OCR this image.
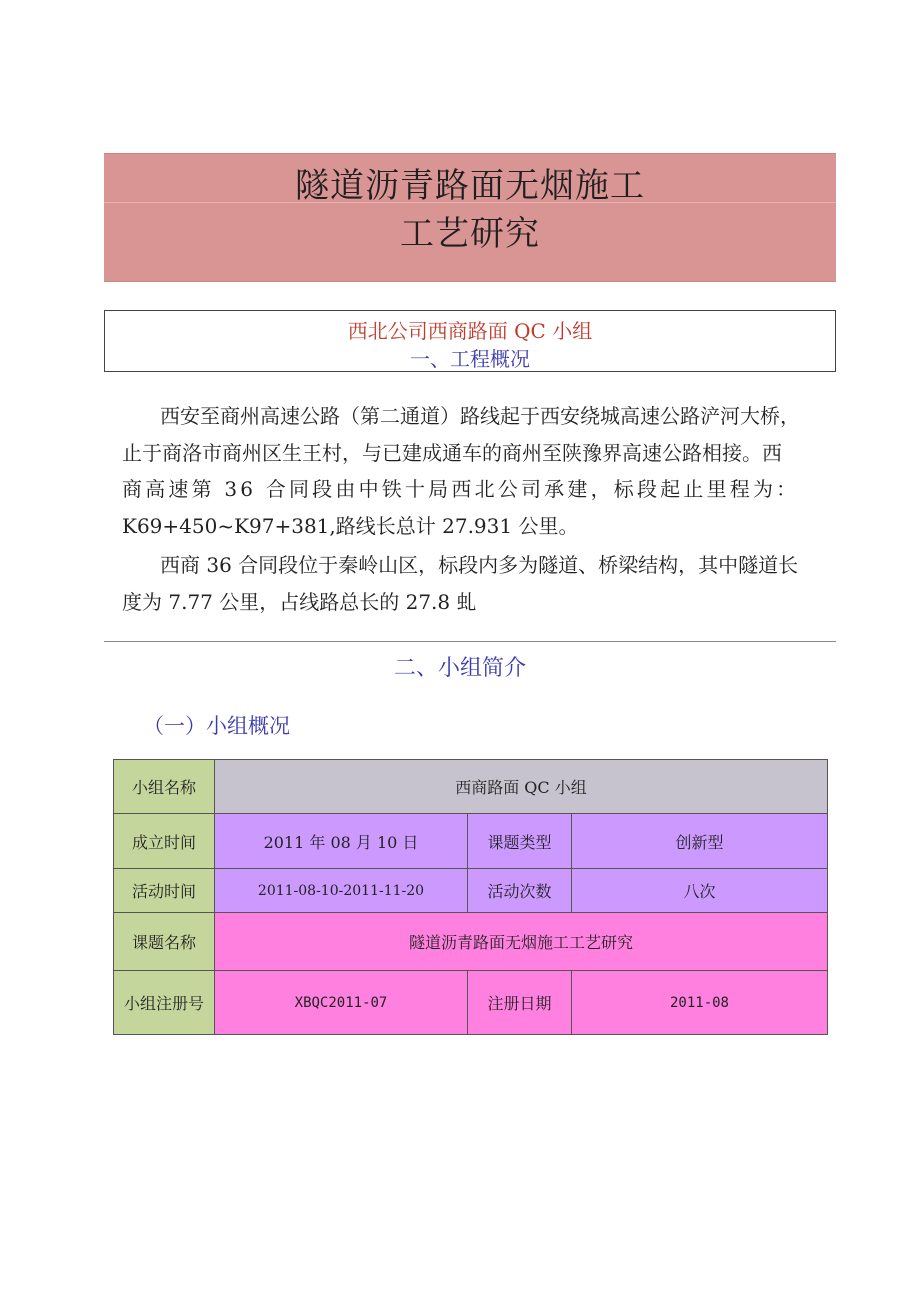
隧道沥青路面无烟施工
工艺研究
西北公司西商路面 QC 小组
一、工程概况
西安至商州高速公路（第二通道）路线起于西安绕城高速公路浐河大桥，
止于商洛市商州区生王村，与已建成通车的商州至陕豫界高速公路相接。西
商高速第 36 合同段由中铁十局西北公司承建，标段起止里程为：
K69+450~K97+381,路线长总计 27.931 公里。
西商 36 合同段位于秦岭山区，标段内多为隧道、桥梁结构，其中隧道长
度为 7.77 公里，占线路总长的 27.8 虬
二、小组简介
（一）小组概况
小组名称	西商路面 QC 小组		
成立时间	2011 年 08 月 10 日	课题类型	创新型
活动时间	2011-08-10-2011-11-20	活动次数	八次
课题名称	隧道沥青路面无烟施工工艺研究		
小组注册号	XBQC2011-07	注册日期	2011-08
